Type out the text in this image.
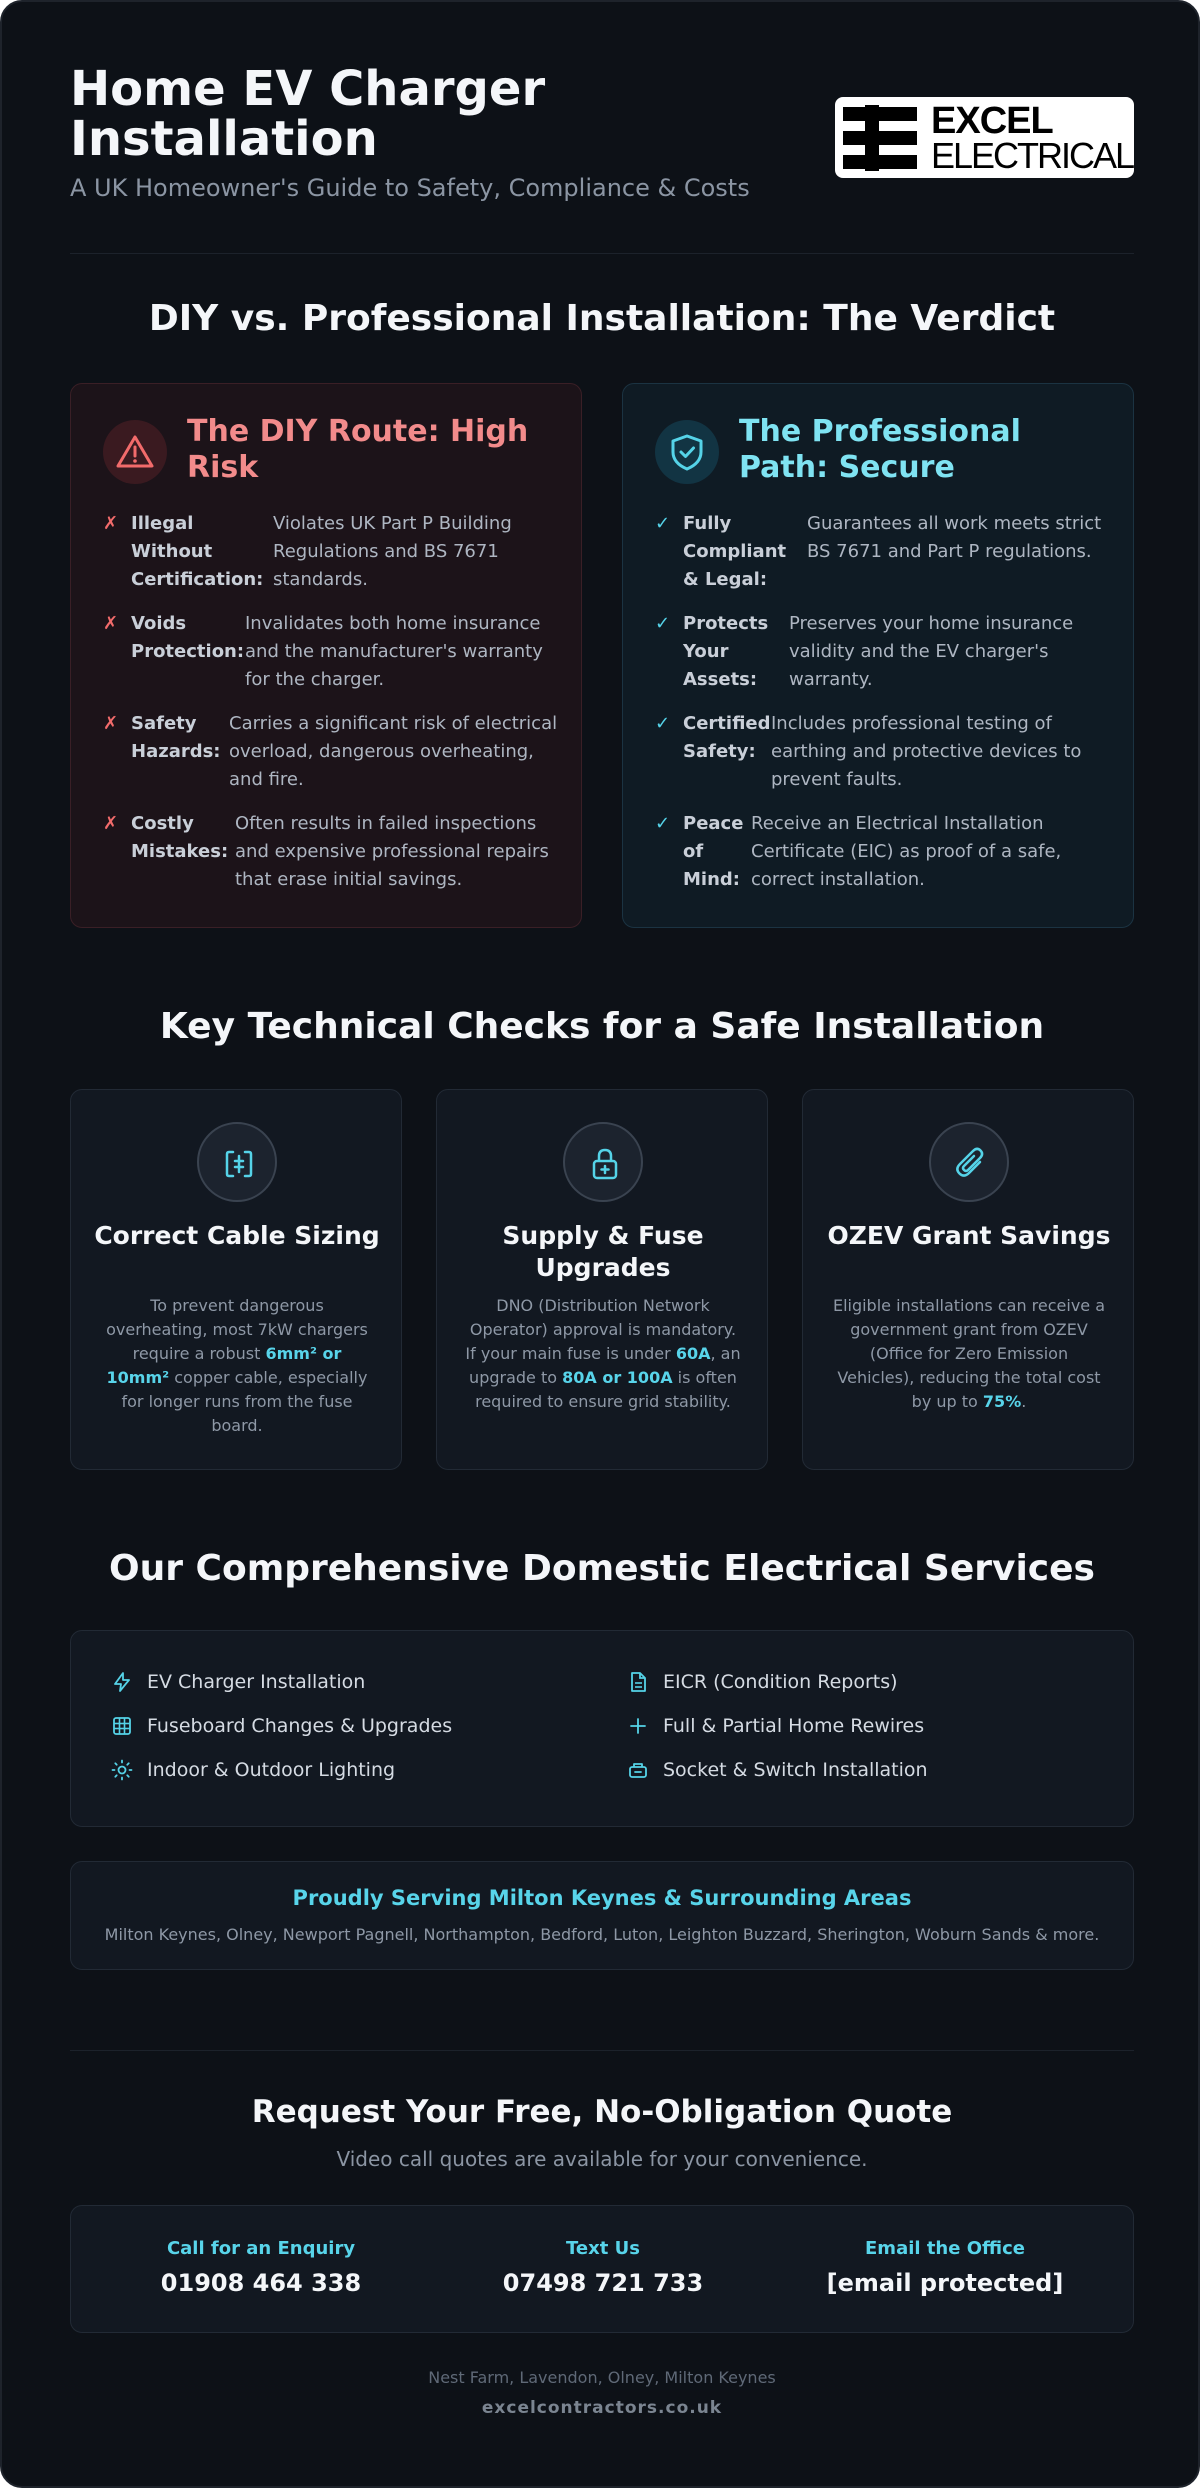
Home EV Charger Installation
A UK Homeowner's Guide to Safety, Compliance & Costs
EXCEL
ELECTRICAL
DIY vs. Professional Installation: The Verdict
The DIY Route: High Risk
✗ Illegal Without Certification:
Violates UK Part P Building Regulations and BS 7671 standards.
✗ Voids Protection:
Invalidates both home insurance and the manufacturer's warranty for the charger.
✗ Safety Hazards:
Carries a significant risk of electrical overload, dangerous overheating, and fire.
✗ Costly Mistakes:
Often results in failed inspections and expensive professional repairs that erase initial savings.
The Professional Path: Secure
✓ Fully Compliant & Legal:
Guarantees all work meets strict BS 7671 and Part P regulations.
✓ Protects Your Assets:
Preserves your home insurance validity and the EV charger's warranty.
✓ Certified Safety:
Includes professional testing of earthing and protective devices to prevent faults.
✓ Peace of Mind:
Receive an Electrical Installation Certificate (EIC) as proof of a safe, correct installation.
Key Technical Checks for a Safe Installation
Correct Cable Sizing
To prevent dangerous overheating, most 7kW chargers require a robust 6mm² or 10mm² copper cable, especially for longer runs from the fuse board.
Supply & Fuse Upgrades
DNO (Distribution Network Operator) approval is mandatory. If your main fuse is under 60A, an upgrade to 80A or 100A is often required to ensure grid stability.
OZEV Grant Savings
Eligible installations can receive a government grant from OZEV (Office for Zero Emission Vehicles), reducing the total cost by up to 75%.
Our Comprehensive Domestic Electrical Services
EV Charger Installation	EICR (Condition Reports)
Fuseboard Changes & Upgrades	Full & Partial Home Rewires
Indoor & Outdoor Lighting	Socket & Switch Installation
Proudly Serving Milton Keynes & Surrounding Areas
Milton Keynes, Olney, Newport Pagnell, Northampton, Bedford, Luton, Leighton Buzzard, Sherington, Woburn Sands & more.
Request Your Free, No-Obligation Quote
Video call quotes are available for your convenience.
Call for an Enquiry
01908 464 338
Text Us
07498 721 733
Email the Office
[email protected]
Nest Farm, Lavendon, Olney, Milton Keynes
excelcontractors.co.uk
